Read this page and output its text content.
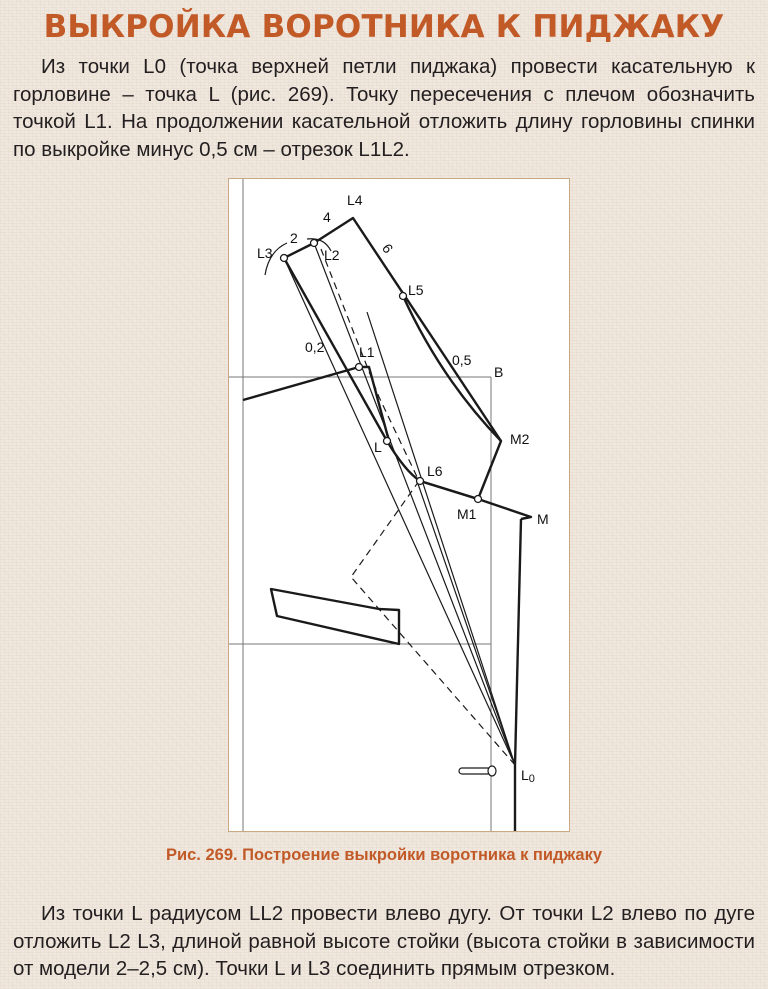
ВЫКРОЙКА ВОРОТНИКА К ПИДЖАКУ

Из точки L0 (точка верхней петли пиджака) провести касательную к горловине – точка L (рис. 269). Точку пересечения с плечом обозначить точкой L1. На продолжении касательной отложить длину горловины спинки по выкройке минус 0,5 см – отрезок L1L2.

L4
4
2
L3	L2	6
L5
0,2 L1	0,5
B
L	M2
L6
M1	M
L0

Рис. 269. Построение выкройки воротника к пиджаку

Из точки L радиусом LL2 провести влево дугу. От точки L2 влево по дуге отложить L2 L3, длиной равной высоте стойки (высота стойки в зависимости от модели 2–2,5 см). Точки L и L3 соединить прямым отрезком.
